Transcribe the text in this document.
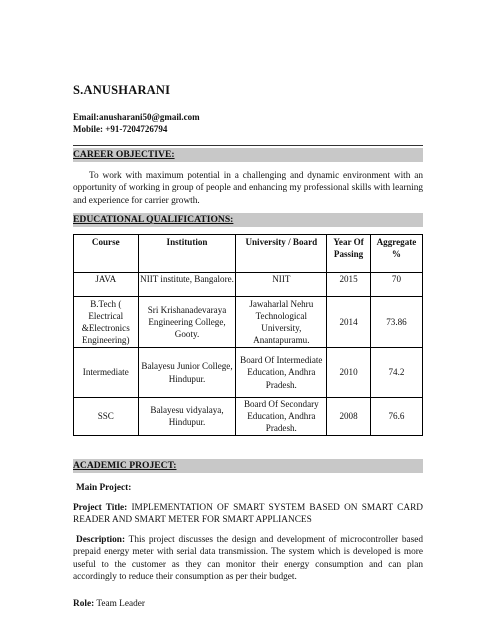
S.ANUSHARANI
Email:anusharani50@gmail.com
Mobile: +91-7204726794
CAREER OBJECTIVE:
To work with maximum potential in a challenging and dynamic environment with an opportunity of working in group of people and enhancing my professional skills with learning and experience for carrier growth.
EDUCATIONAL QUALIFICATIONS:
Course	Institution	University / Board	Year Of Passing	Aggregate %
JAVA	NIIT institute, Bangalore.	NIIT	2015	70
B.Tech ( Electrical &Electronics Engineering)	Sri Krishanadevaraya Engineering College, Gooty.	Jawaharlal Nehru Technological University, Anantapuramu.	2014	73.86
Intermediate	Balayesu Junior College, Hindupur.	Board Of Intermediate Education, Andhra Pradesh.	2010	74.2
SSC	Balayesu vidyalaya, Hindupur.	Board Of Secondary Education, Andhra Pradesh.	2008	76.6
ACADEMIC PROJECT:
Main Project:
Project Title: IMPLEMENTATION OF SMART SYSTEM BASED ON SMART CARD READER AND SMART METER FOR SMART APPLIANCES
Description: This project discusses the design and development of microcontroller based prepaid energy meter with serial data transmission. The system which is developed is more useful to the customer as they can monitor their energy consumption and can plan accordingly to reduce their consumption as per their budget.
Role: Team Leader
